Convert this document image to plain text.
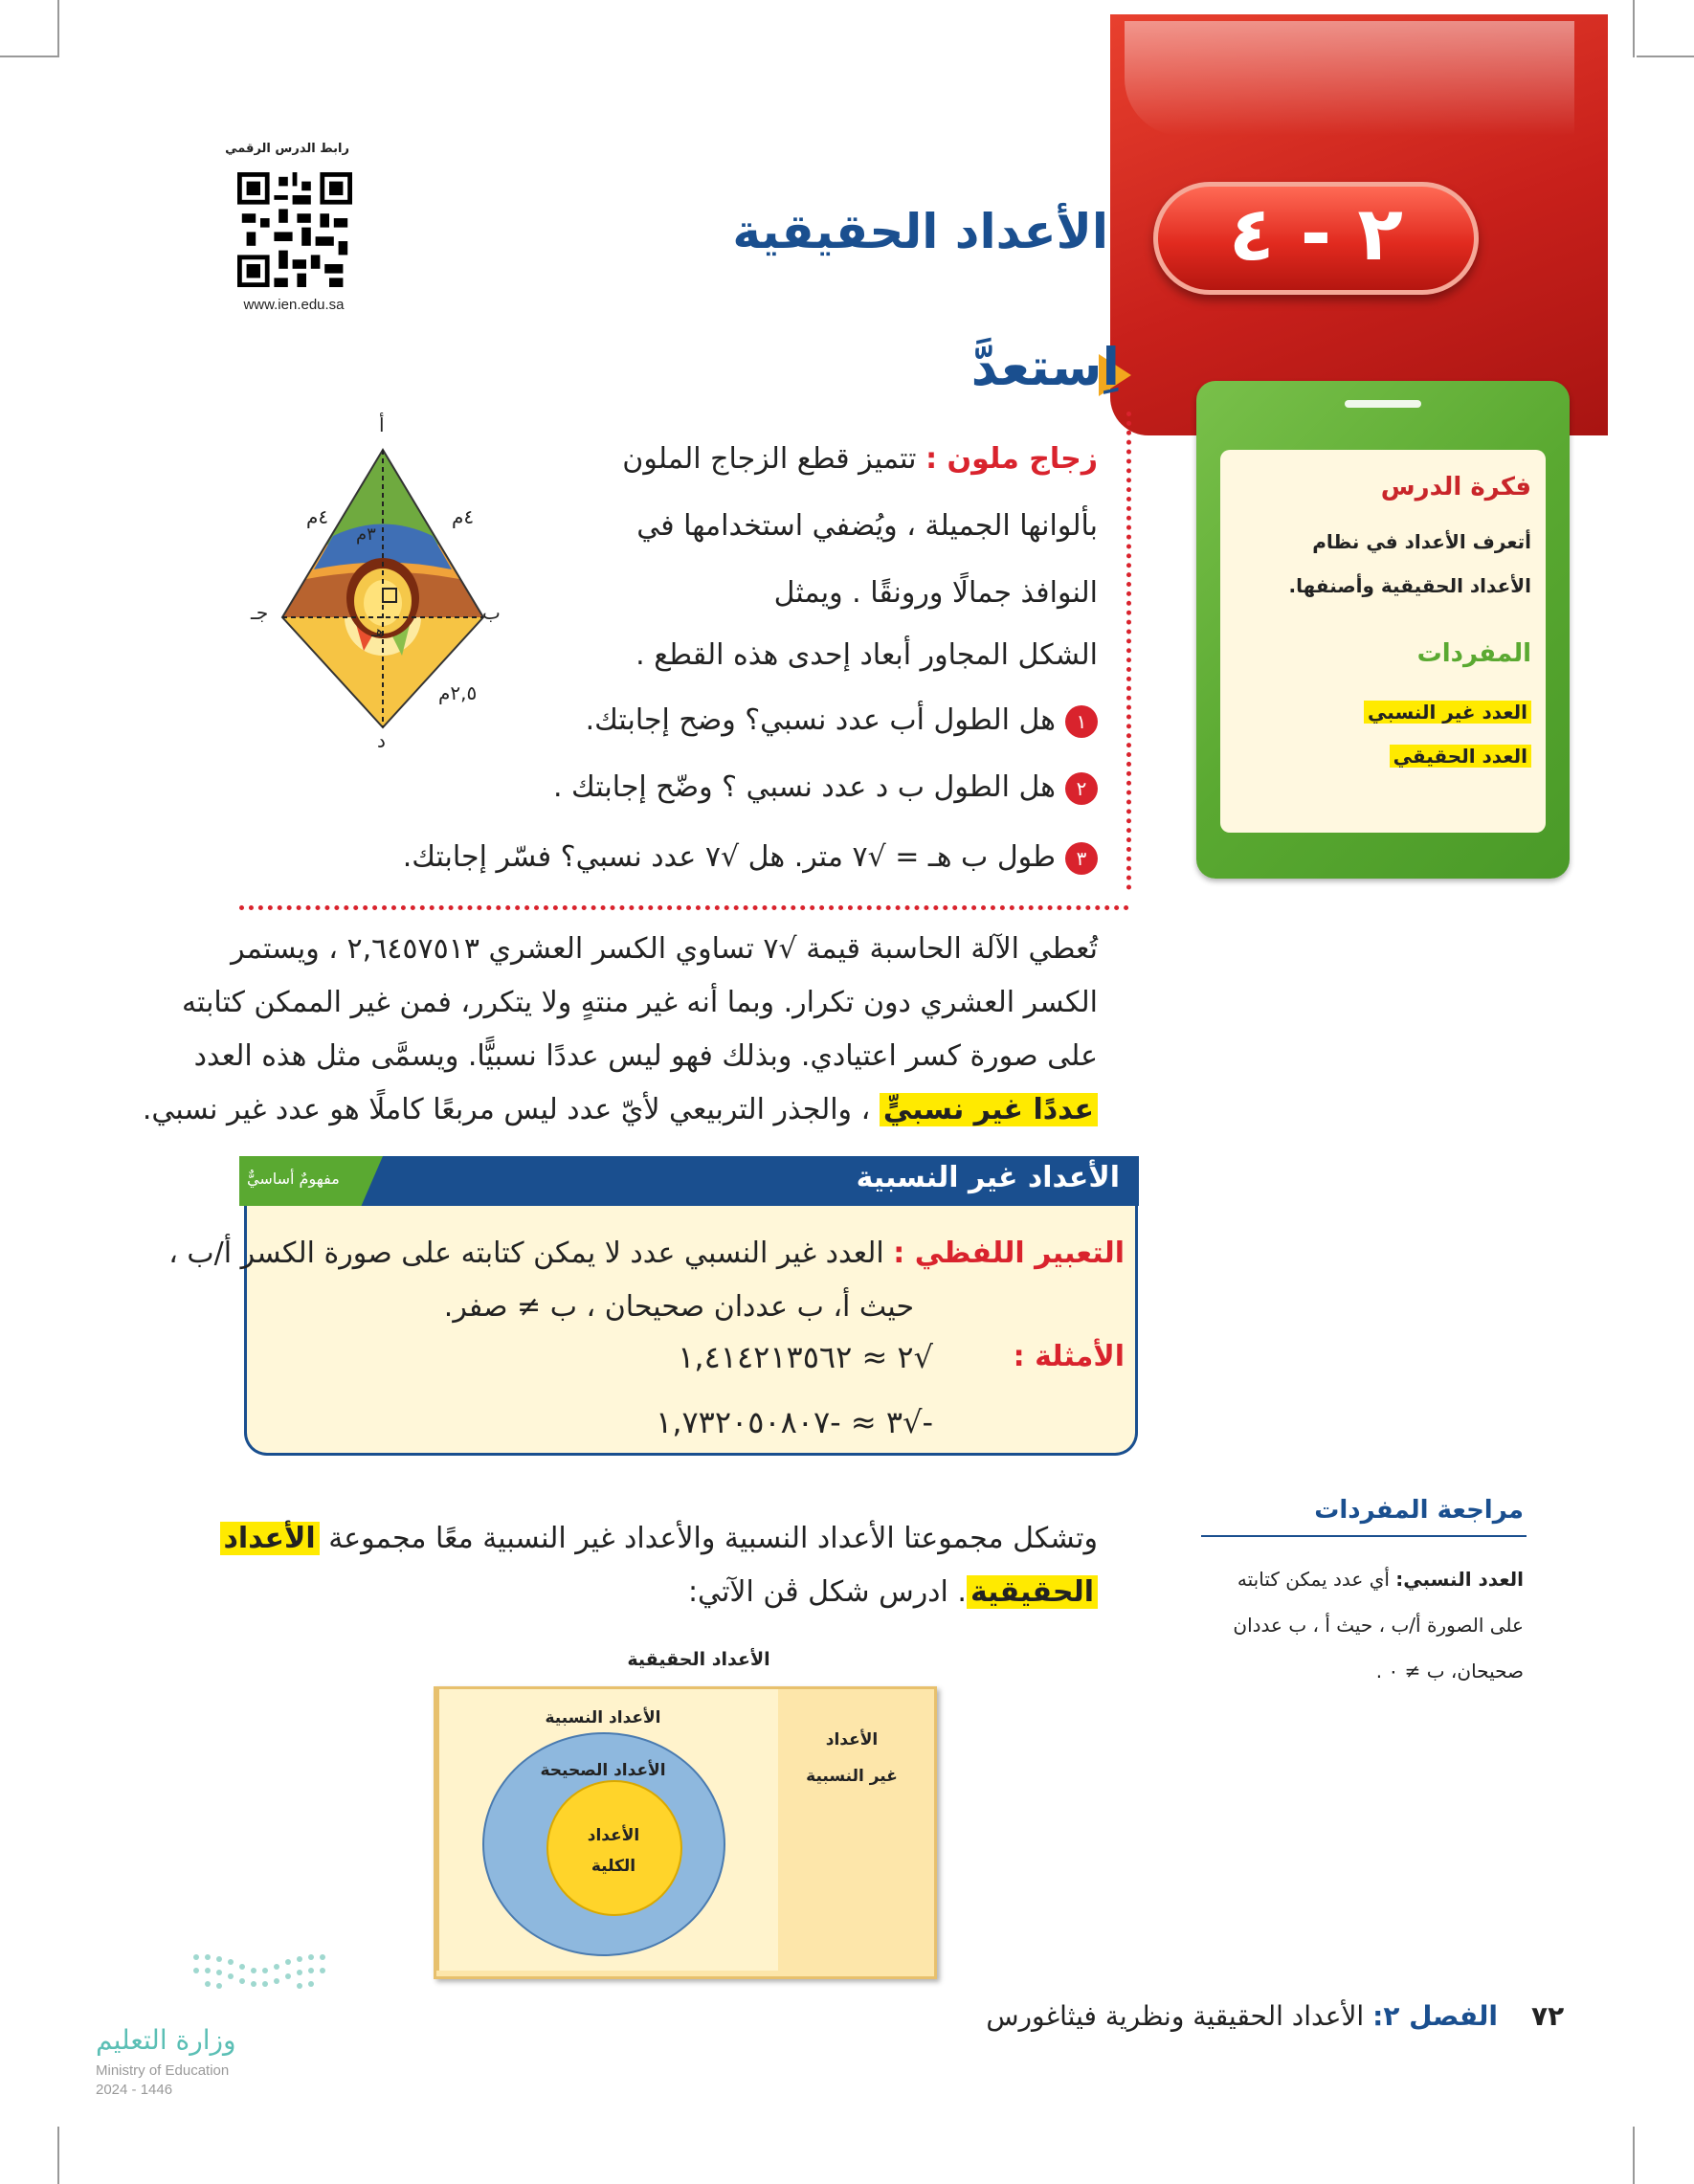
٢ - ٤
الأعداد الحقيقية
رابط الدرس الرقمي
www.ien.edu.sa
اِستعدَّ
زجاج ملون : تتميز قطع الزجاج الملون
بألوانها الجميلة ، ويُضفي استخدامها في
النوافذ جمالًا ورونقًا . ويمثل
الشكل المجاور أبعاد إحدى هذه القطع .
١هل الطول أب عدد نسبي؟ وضح إجابتك.
٢هل الطول ب د عدد نسبي ؟ وضّح إجابتك .
٣طول ب هـ = √٧ متر. هل √٧ عدد نسبي؟ فسّر إجابتك.
أ
ب
جـ
د
هـ
٤م	٤م
٣م
٢,٥م
فكرة الدرس
أتعرف الأعداد في نظام
الأعداد الحقيقية وأصنفها.
المفردات
العدد غير النسبي
العدد الحقيقي
تُعطي الآلة الحاسبة قيمة √٧ تساوي الكسر العشري ٢,٦٤٥٧٥١٣ ، ويستمر
الكسر العشري دون تكرار. وبما أنه غير منتهٍ ولا يتكرر، فمن غير الممكن كتابته
على صورة كسر اعتيادي. وبذلك فهو ليس عددًا نسبيًّا. ويسمَّى مثل هذه العدد
عددًا غير نسبيٍّ ، والجذر التربيعي لأيّ عدد ليس مربعًا كاملًا هو عدد غير نسبي.
مفهومٌ أساسيٌّ	الأعداد غير النسبية
التعبير اللفظي : العدد غير النسبي عدد لا يمكن كتابته على صورة الكسر أ/ب ،
حيث أ، ب عددان صحيحان ، ب ≠ صفر.
الأمثلة :
√٢ ≈ ١,٤١٤٢١٣٥٦٢
-√٣ ≈ -١,٧٣٢٠٥٠٨٠٧
وتشكل مجموعتا الأعداد النسبية والأعداد غير النسبية معًا مجموعة الأعداد
الحقيقية. ادرس شكل ڤن الآتي:
مراجعة المفردات
العدد النسبي: أي عدد يمكن كتابته
على الصورة أ/ب ، حيث أ ، ب عددان
صحيحان، ب ≠ ٠ .
الأعداد الحقيقية
الأعداد النسبية
الأعداد الصحيحة
الأعداد
الكلية
الأعداد
غير النسبية
٧٢
الفصل ٢: الأعداد الحقيقية ونظرية فيثاغورس
وزارة التعليم
Ministry of Education
2024 - 1446
